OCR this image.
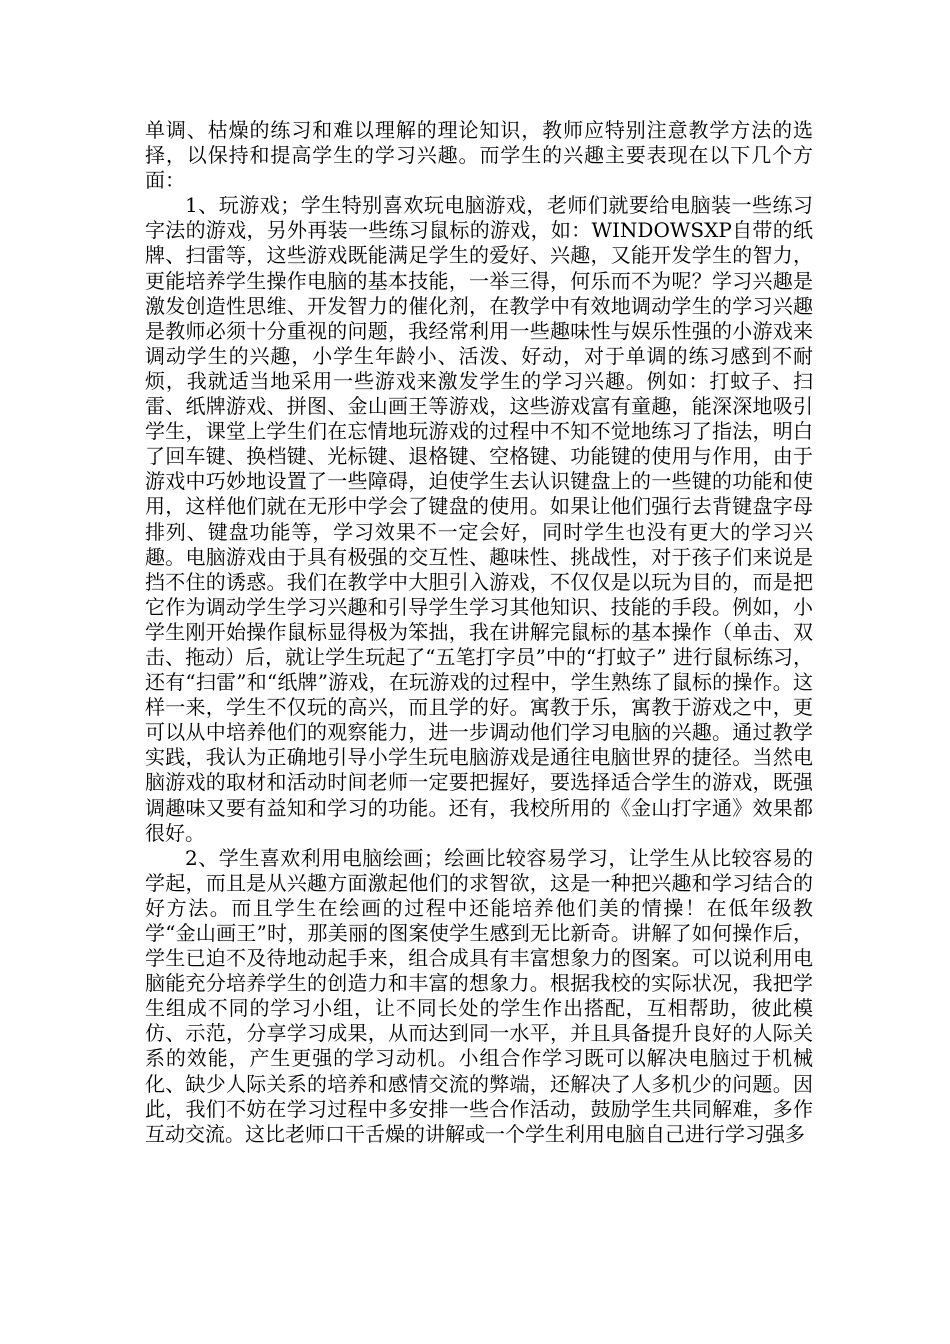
单调、枯燥的练习和难以理解的理论知识，教师应特别注意教学方法的选择，以保持和提高学生的学习兴趣。而学生的兴趣主要表现在以下几个方面：

1、玩游戏；学生特别喜欢玩电脑游戏，老师们就要给电脑装一些练习字法的游戏，另外再装一些练习鼠标的游戏，如：WINDOWSXP自带的纸牌、扫雷等，这些游戏既能满足学生的爱好、兴趣，又能开发学生的智力，更能培养学生操作电脑的基本技能，一举三得，何乐而不为呢？学习兴趣是激发创造性思维、开发智力的催化剂，在教学中有效地调动学生的学习兴趣是教师必须十分重视的问题，我经常利用一些趣味性与娱乐性强的小游戏来调动学生的兴趣，小学生年龄小、活泼、好动，对于单调的练习感到不耐烦，我就适当地采用一些游戏来激发学生的学习兴趣。例如：打蚊子、扫雷、纸牌游戏、拼图、金山画王等游戏，这些游戏富有童趣，能深深地吸引学生，课堂上学生们在忘情地玩游戏的过程中不知不觉地练习了指法，明白了回车键、换档键、光标键、退格键、空格键、功能键的使用与作用，由于游戏中巧妙地设置了一些障碍，迫使学生去认识键盘上的一些键的功能和使用，这样他们就在无形中学会了键盘的使用。如果让他们强行去背键盘字母排列、键盘功能等，学习效果不一定会好，同时学生也没有更大的学习兴趣。电脑游戏由于具有极强的交互性、趣味性、挑战性，对于孩子们来说是挡不住的诱惑。我们在教学中大胆引入游戏，不仅仅是以玩为目的，而是把它作为调动学生学习兴趣和引导学生学习其他知识、技能的手段。例如，小学生刚开始操作鼠标显得极为笨拙，我在讲解完鼠标的基本操作（单击、双击、拖动）后，就让学生玩起了“五笔打字员”中的“打蚊子” 进行鼠标练习，还有“扫雷”和“纸牌”游戏，在玩游戏的过程中，学生熟练了鼠标的操作。这样一来，学生不仅玩的高兴，而且学的好。寓教于乐，寓教于游戏之中，更可以从中培养他们的观察能力，进一步调动他们学习电脑的兴趣。通过教学实践，我认为正确地引导小学生玩电脑游戏是通往电脑世界的捷径。当然电脑游戏的取材和活动时间老师一定要把握好，要选择适合学生的游戏，既强调趣味又要有益知和学习的功能。还有，我校所用的《金山打字通》效果都很好。

2、学生喜欢利用电脑绘画；绘画比较容易学习，让学生从比较容易的学起，而且是从兴趣方面激起他们的求智欲，这是一种把兴趣和学习结合的好方法。而且学生在绘画的过程中还能培养他们美的情操！在低年级教学“金山画王”时，那美丽的图案使学生感到无比新奇。讲解了如何操作后，学生已迫不及待地动起手来，组合成具有丰富想象力的图案。可以说利用电脑能充分培养学生的创造力和丰富的想象力。根据我校的实际状况，我把学生组成不同的学习小组，让不同长处的学生作出搭配，互相帮助，彼此模仿、示范，分享学习成果，从而达到同一水平，并且具备提升良好的人际关系的效能，产生更强的学习动机。小组合作学习既可以解决电脑过于机械化、缺少人际关系的培养和感情交流的弊端，还解决了人多机少的问题。因此，我们不妨在学习过程中多安排一些合作活动，鼓励学生共同解难，多作互动交流。这比老师口干舌燥的讲解或一个学生利用电脑自己进行学习强多
